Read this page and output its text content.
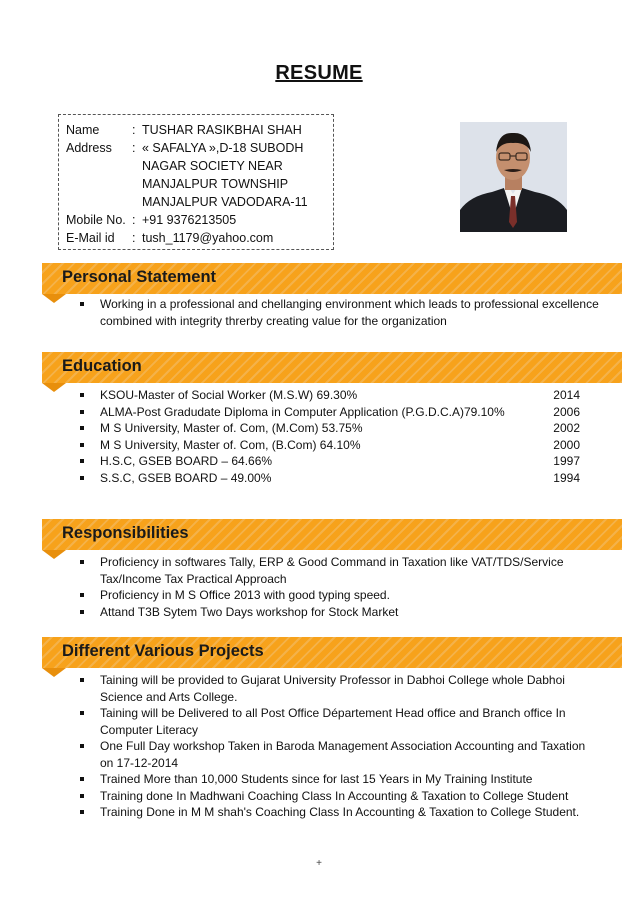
RESUME
Name	: TUSHAR RASIKBHAI SHAH
Address : « SAFALYA »,D-18 SUBODH
NAGAR SOCIETY NEAR
MANJALPUR TOWNSHIP
MANJALPUR VADODARA-11
Mobile No. : +91 9376213505
E-Mail id : tush_1179@yahoo.com
Personal Statement
Working in a professional and chellanging environment which leads to professional excellence combined with integrity threrby creating value for the organization
Education
KSOU-Master of Social Worker (M.S.W) 69.30%	2014
ALMA-Post Gradudate Diploma in Computer Application (P.G.D.C.A)79.10%	2006
M S University, Master of. Com, (M.Com) 53.75%	2002
M S University, Master of. Com, (B.Com) 64.10%	2000
H.S.C, GSEB BOARD – 64.66%	1997
S.S.C, GSEB BOARD – 49.00%	1994
Responsibilities
Proficiency in softwares Tally, ERP & Good Command in Taxation like VAT/TDS/Service Tax/Income Tax Practical Approach
Proficiency in M S Office 2013 with good typing speed.
Attand T3B Sytem Two Days workshop for Stock Market
Different Various Projects
Taining will be provided to Gujarat University Professor in Dabhoi College whole Dabhoi Science and Arts College.
Taining will be Delivered to all Post Office Département Head office and Branch office In Computer Literacy
One Full Day workshop Taken in Baroda Management Association Accounting and Taxation on 17-12-2014
Trained More than 10,000 Students since for last 15 Years in My Training Institute
Training done In Madhwani Coaching Class In Accounting & Taxation to College Student
Training Done in M M shah's Coaching Class In Accounting & Taxation to College Student.
+
